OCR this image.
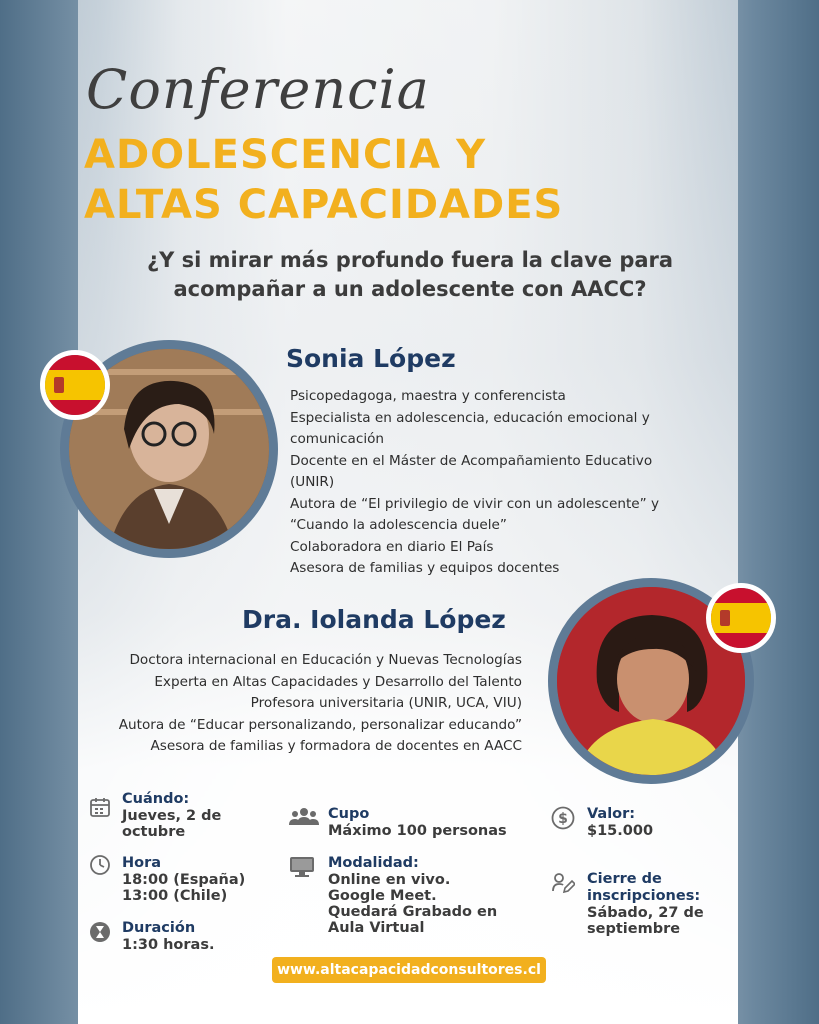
Conferencia
ADOLESCENCIA Y
ALTAS CAPACIDADES
¿Y si mirar más profundo fuera la clave para
acompañar a un adolescente con AACC?
Sonia López
Psicopedagoga, maestra y conferencista
Especialista en adolescencia, educación emocional y
comunicación
Docente en el Máster de Acompañamiento Educativo
(UNIR)
Autora de “El privilegio de vivir con un adolescente” y
“Cuando la adolescencia duele”
Colaboradora en diario El País
Asesora de familias y equipos docentes
Dra. Iolanda López
Doctora internacional en Educación y Nuevas Tecnologías
Experta en Altas Capacidades y Desarrollo del Talento
Profesora universitaria (UNIR, UCA, VIU)
Autora de “Educar personalizando, personalizar educando”
Asesora de familias y formadora de docentes en AACC
Cuándo:
Jueves, 2 de
octubre
Hora
18:00 (España)
13:00 (Chile)
Duración
1:30 horas.
Cupo
Máximo 100 personas
Modalidad:
Online en vivo.
Google Meet.
Quedará Grabado en
Aula Virtual
$ Valor:
$15.000
Cierre de
inscripciones:
Sábado, 27 de
septiembre
www.altacapacidadconsultores.cl
